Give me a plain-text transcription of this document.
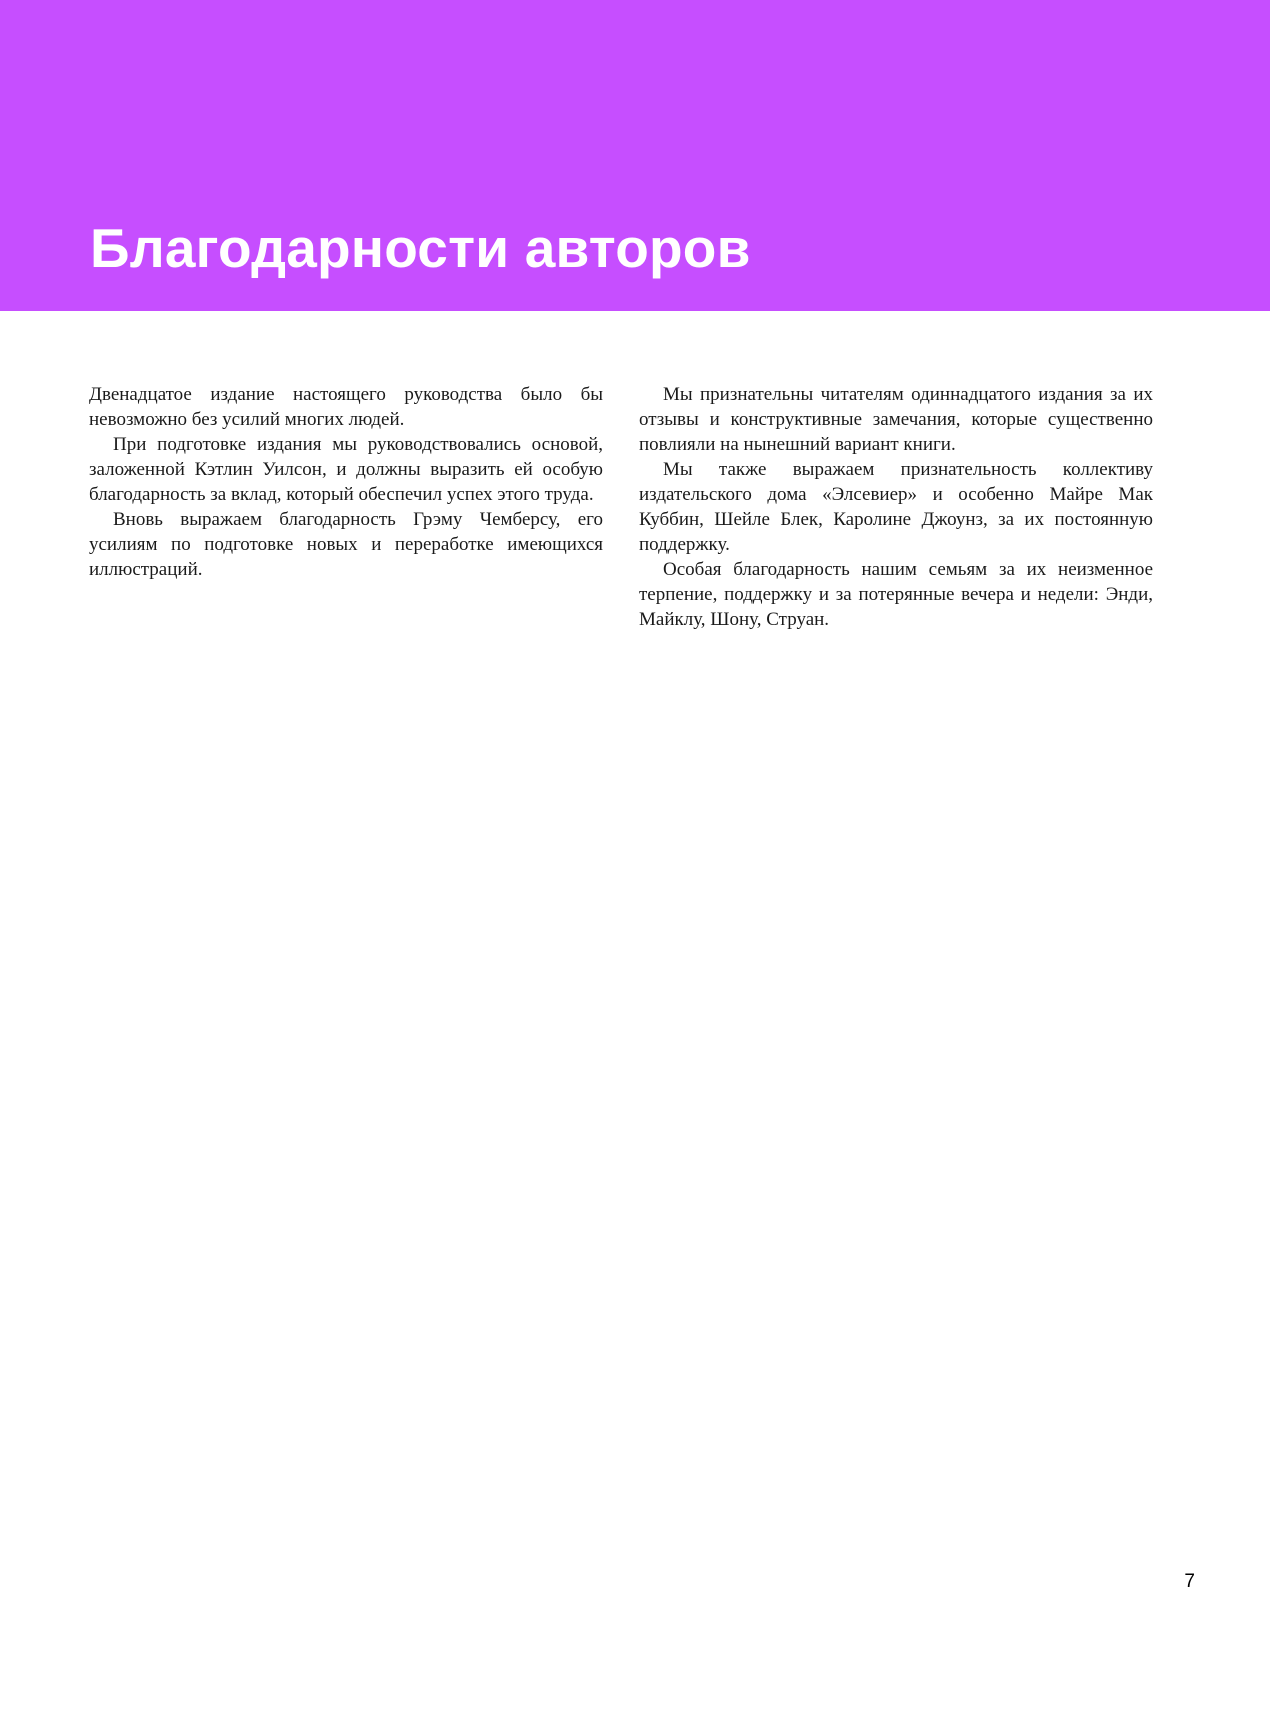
Благодарности авторов

Двенадцатое издание настоящего руководства было бы невозможно без усилий многих людей.

При подготовке издания мы руководствовались основой, заложенной Кэтлин Уилсон, и должны выразить ей особую благодарность за вклад, который обеспечил успех этого труда.

Вновь выражаем благодарность Грэму Чемберсу, его усилиям по подготовке новых и переработке имеющихся иллюстраций.

Мы признательны читателям одиннадцатого издания за их отзывы и конструктивные замечания, которые существенно повлияли на нынешний вариант книги.

Мы также выражаем признательность коллективу издательского дома «Элсевиер» и особенно Майре Мак Куббин, Шейле Блек, Каролине Джоунз, за их постоянную поддержку.

Особая благодарность нашим семьям за их неизменное терпение, поддержку и за потерянные вечера и недели: Энди, Майклу, Шону, Струан.

7
